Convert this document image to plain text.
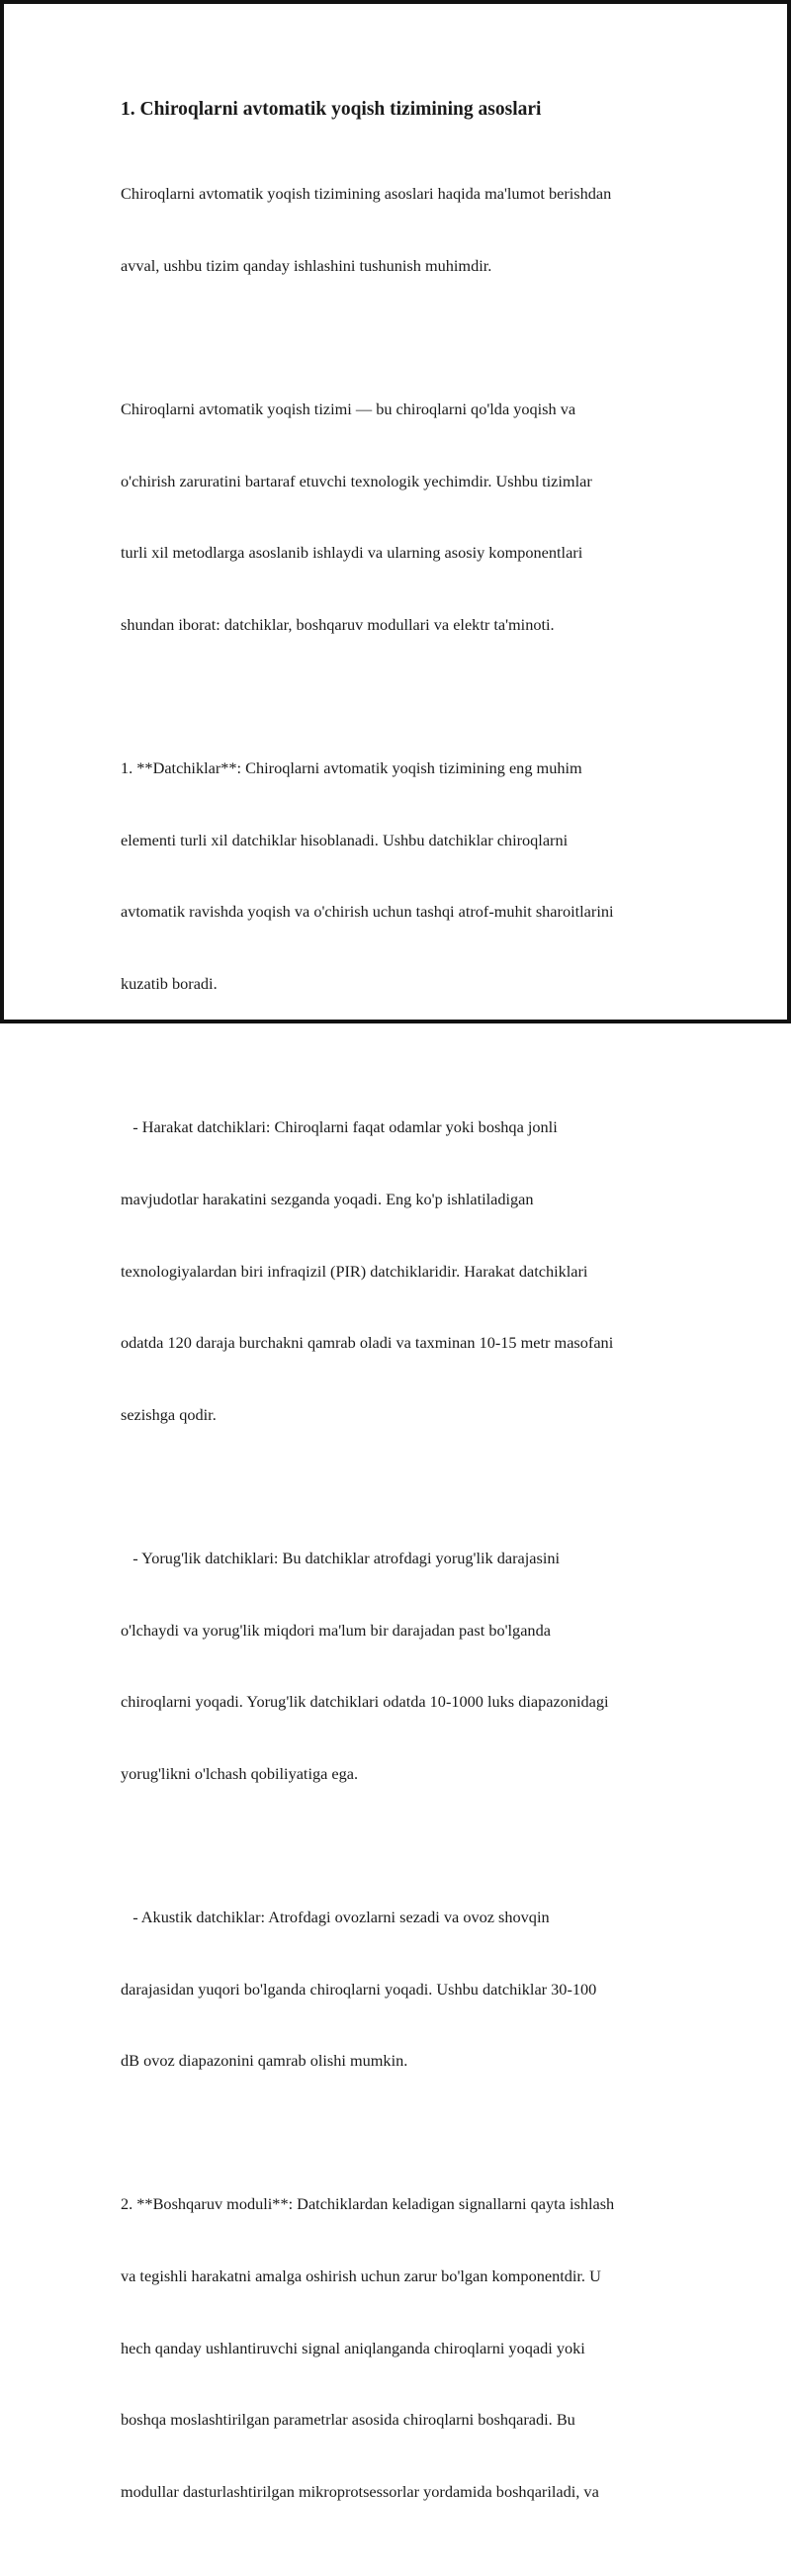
1. Chiroqlarni avtomatik yoqish tizimining asoslari

Chiroqlarni avtomatik yoqish tizimining asoslari haqida ma'lumot berishdan

avval, ushbu tizim qanday ishlashini tushunish muhimdir.

Chiroqlarni avtomatik yoqish tizimi — bu chiroqlarni qo'lda yoqish va

o'chirish zaruratini bartaraf etuvchi texnologik yechimdir. Ushbu tizimlar

turli xil metodlarga asoslanib ishlaydi va ularning asosiy komponentlari

shundan iborat: datchiklar, boshqaruv modullari va elektr ta'minoti.

1. **Datchiklar**: Chiroqlarni avtomatik yoqish tizimining eng muhim

elementi turli xil datchiklar hisoblanadi. Ushbu datchiklar chiroqlarni

avtomatik ravishda yoqish va o'chirish uchun tashqi atrof-muhit sharoitlarini

kuzatib boradi.

- Harakat datchiklari: Chiroqlarni faqat odamlar yoki boshqa jonli

mavjudotlar harakatini sezganda yoqadi. Eng ko'p ishlatiladigan

texnologiyalardan biri infraqizil (PIR) datchiklaridir. Harakat datchiklari

odatda 120 daraja burchakni qamrab oladi va taxminan 10-15 metr masofani

sezishga qodir.

- Yorug'lik datchiklari: Bu datchiklar atrofdagi yorug'lik darajasini

o'lchaydi va yorug'lik miqdori ma'lum bir darajadan past bo'lganda

chiroqlarni yoqadi. Yorug'lik datchiklari odatda 10-1000 luks diapazonidagi

yorug'likni o'lchash qobiliyatiga ega.

- Akustik datchiklar: Atrofdagi ovozlarni sezadi va ovoz shovqin

darajasidan yuqori bo'lganda chiroqlarni yoqadi. Ushbu datchiklar 30-100

dB ovoz diapazonini qamrab olishi mumkin.

2. **Boshqaruv moduli**: Datchiklardan keladigan signallarni qayta ishlash

va tegishli harakatni amalga oshirish uchun zarur bo'lgan komponentdir. U

hech qanday ushlantiruvchi signal aniqlanganda chiroqlarni yoqadi yoki

boshqa moslashtirilgan parametrlar asosida chiroqlarni boshqaradi. Bu

modullar dasturlashtirilgan mikroprotsessorlar yordamida boshqariladi, va
